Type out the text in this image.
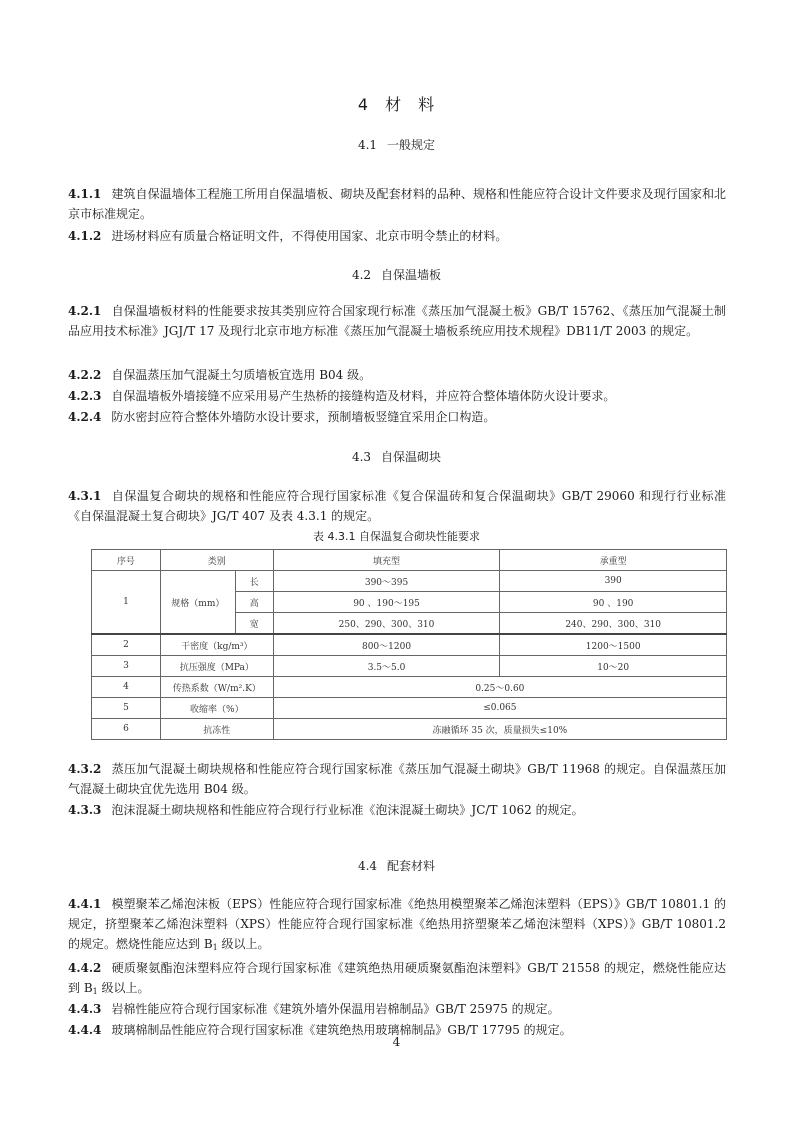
4 材 料
4.1 一般规定
4.1.1 建筑自保温墙体工程施工所用自保温墙板、砌块及配套材料的品种、规格和性能应符合设计文件要求及现行国家和北京市标准规定。
4.1.2 进场材料应有质量合格证明文件，不得使用国家、北京市明令禁止的材料。
4.2 自保温墙板
4.2.1 自保温墙板材料的性能要求按其类别应符合国家现行标准《蒸压加气混凝土板》GB/T 15762、《蒸压加气混凝土制品应用技术标准》JGJ/T 17 及现行北京市地方标准《蒸压加气混凝土墙板系统应用技术规程》DB11/T 2003 的规定。
4.2.2 自保温蒸压加气混凝土匀质墙板宜选用 B04 级。
4.2.3 自保温墙板外墙接缝不应采用易产生热桥的接缝构造及材料，并应符合整体墙体防火设计要求。
4.2.4 防水密封应符合整体外墙防水设计要求，预制墙板竖缝宜采用企口构造。
4.3 自保温砌块
4.3.1 自保温复合砌块的规格和性能应符合现行国家标准《复合保温砖和复合保温砌块》GB/T 29060 和现行行业标准《自保温混凝土复合砌块》JG/T 407 及表 4.3.1 的规定。
表 4.3.1 自保温复合砌块性能要求
序号	类别		填充型	承重型
1	规格（mm）	长	390～395	390
		高	90 、190～195	90 、190
		宽	250、290、300、310	240、290、300、310
2	干密度（kg/m³）		800～1200	1200～1500
3	抗压强度（MPa）		3.5～5.0	10～20
4	传热系数（W/m².K）		0.25～0.60	
5	收缩率（%）		≤0.065	
6	抗冻性		冻融循环 35 次，质量损失≤10%	
4.3.2 蒸压加气混凝土砌块规格和性能应符合现行国家标准《蒸压加气混凝土砌块》GB/T 11968 的规定。自保温蒸压加气混凝土砌块宜优先选用 B04 级。
4.3.3 泡沫混凝土砌块规格和性能应符合现行行业标准《泡沫混凝土砌块》JC/T 1062 的规定。
4.4 配套材料
4.4.1 模塑聚苯乙烯泡沫板（EPS）性能应符合现行国家标准《绝热用模塑聚苯乙烯泡沫塑料（EPS）》GB/T 10801.1 的规定，挤塑聚苯乙烯泡沫塑料（XPS）性能应符合现行国家标准《绝热用挤塑聚苯乙烯泡沫塑料（XPS）》GB/T 10801.2 的规定。燃烧性能应达到 $B_1$ 级以上。
4.4.2 硬质聚氨酯泡沫塑料应符合现行国家标准《建筑绝热用硬质聚氨酯泡沫塑料》GB/T 21558 的规定，燃烧性能应达到 $B_1$ 级以上。
4.4.3 岩棉性能应符合现行国家标准《建筑外墙外保温用岩棉制品》GB/T 25975 的规定。
4.4.4 玻璃棉制品性能应符合现行国家标准《建筑绝热用玻璃棉制品》GB/T 17795 的规定。
4
